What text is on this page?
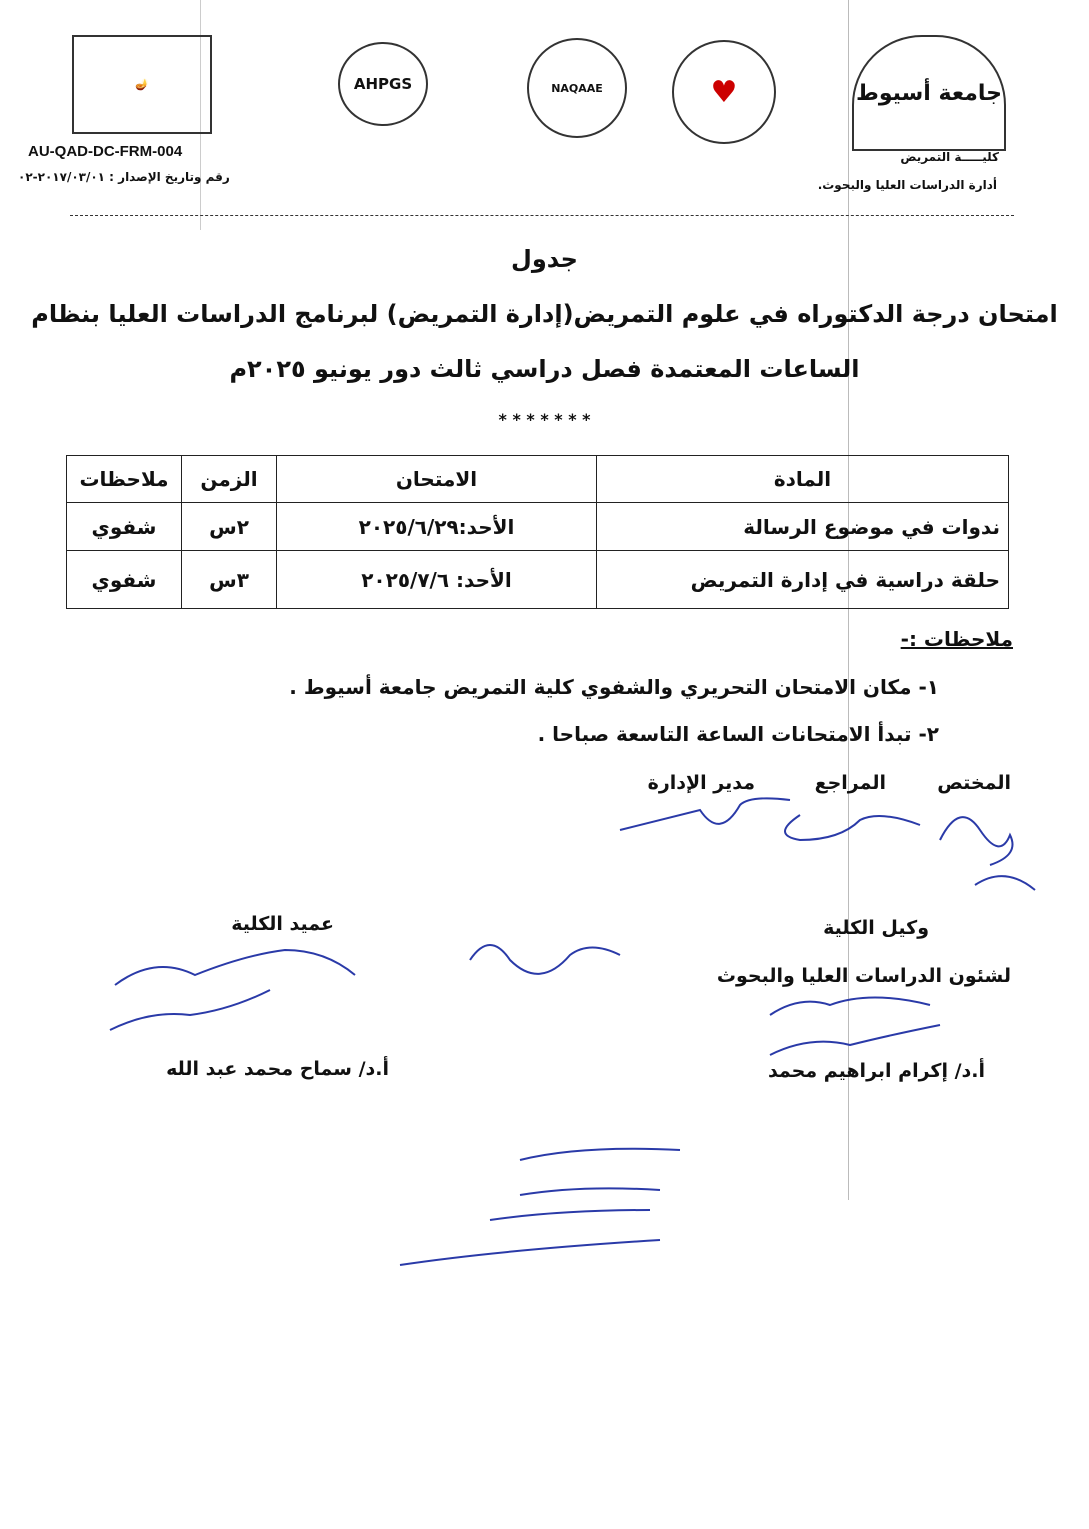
🪔	AHPGS	NAQAAE	♥	جامعة أسيوط
AU-QAD-DC-FRM-004
رقم وتاريخ الإصدار : ٢٠١٧/٠٣/٠١-٠٢
كليـــــة التمريض
أدارة الدراسات العليا والبحوث.
جدول
امتحان درجة الدكتوراه في علوم التمريض(إدارة التمريض) لبرنامج الدراسات العليا بنظام
الساعات المعتمدة فصل دراسي ثالث دور يونيو ٢٠٢٥م
* * * * * * *
المادة	الامتحان	الزمن	ملاحظات
ندوات في موضوع الرسالة	الأحد:٢٠٢٥/٦/٢٩	٢س	شفوي
حلقة دراسية في إدارة التمريض	الأحد: ٢٠٢٥/٧/٦	٣س	شفوي
ملاحظات :-
١- مكان الامتحان التحريري والشفوي كلية التمريض جامعة أسيوط .
٢- تبدأ الامتحانات الساعة التاسعة صباحا .
المختص
المراجع
مدير الإدارة
وكيل الكلية
لشئون الدراسات العليا والبحوث
أ.د/ إكرام ابراهيم محمد
عميد الكلية
أ.د/ سماح محمد عبد الله
